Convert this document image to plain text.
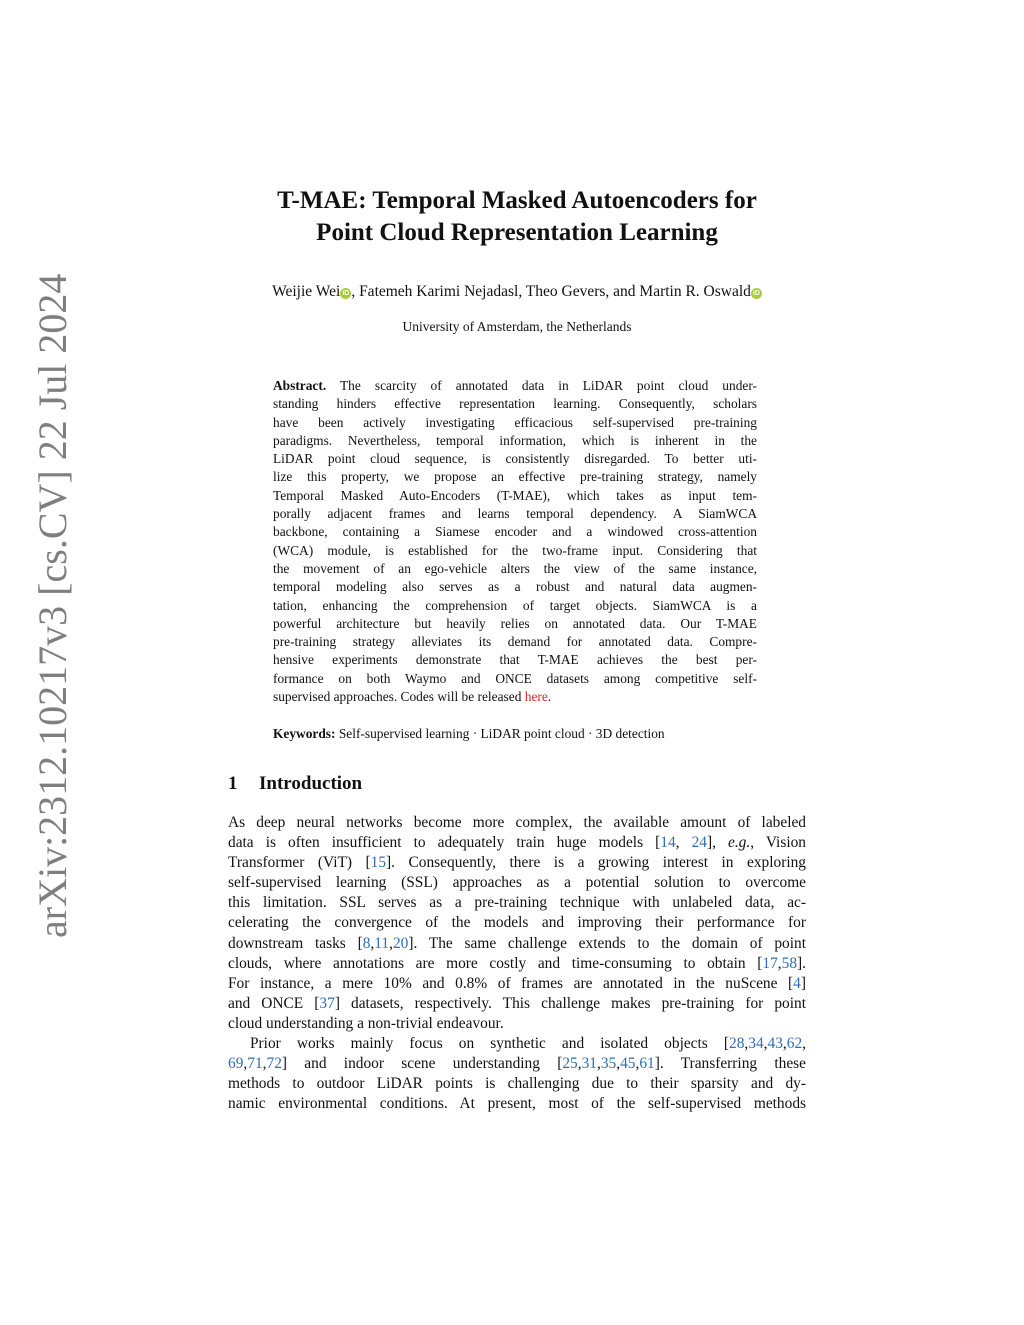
arXiv:2312.10217v3 [cs.CV] 22 Jul 2024
T-MAE: Temporal Masked Autoencoders for
Point Cloud Representation Learning
Weijie Wei iD , Fatemeh Karimi Nejadasl, Theo Gevers, and Martin R. Oswald iD
University of Amsterdam, the Netherlands
Abstract. The scarcity of annotated data in LiDAR point cloud under-
standing hinders effective representation learning. Consequently, scholars
have been actively investigating efficacious self-supervised pre-training
paradigms. Nevertheless, temporal information, which is inherent in the
LiDAR point cloud sequence, is consistently disregarded. To better uti-
lize this property, we propose an effective pre-training strategy, namely
Temporal Masked Auto-Encoders (T-MAE), which takes as input tem-
porally adjacent frames and learns temporal dependency. A SiamWCA
backbone, containing a Siamese encoder and a windowed cross-attention
(WCA) module, is established for the two-frame input. Considering that
the movement of an ego-vehicle alters the view of the same instance,
temporal modeling also serves as a robust and natural data augmen-
tation, enhancing the comprehension of target objects. SiamWCA is a
powerful architecture but heavily relies on annotated data. Our T-MAE
pre-training strategy alleviates its demand for annotated data. Compre-
hensive experiments demonstrate that T-MAE achieves the best per-
formance on both Waymo and ONCE datasets among competitive self-
supervised approaches. Codes will be released here.
Keywords: Self-supervised learning · LiDAR point cloud · 3D detection
1 Introduction
As deep neural networks become more complex, the available amount of labeled
data is often insufficient to adequately train huge models [14, 24], e.g., Vision
Transformer (ViT) [15]. Consequently, there is a growing interest in exploring
self-supervised learning (SSL) approaches as a potential solution to overcome
this limitation. SSL serves as a pre-training technique with unlabeled data, ac-
celerating the convergence of the models and improving their performance for
downstream tasks [8,11,20]. The same challenge extends to the domain of point
clouds, where annotations are more costly and time-consuming to obtain [17,58].
For instance, a mere 10% and 0.8% of frames are annotated in the nuScene [4]
and ONCE [37] datasets, respectively. This challenge makes pre-training for point
cloud understanding a non-trivial endeavour.
Prior works mainly focus on synthetic and isolated objects [28,34,43,62,
69,71,72] and indoor scene understanding [25,31,35,45,61]. Transferring these
methods to outdoor LiDAR points is challenging due to their sparsity and dy-
namic environmental conditions. At present, most of the self-supervised methods
